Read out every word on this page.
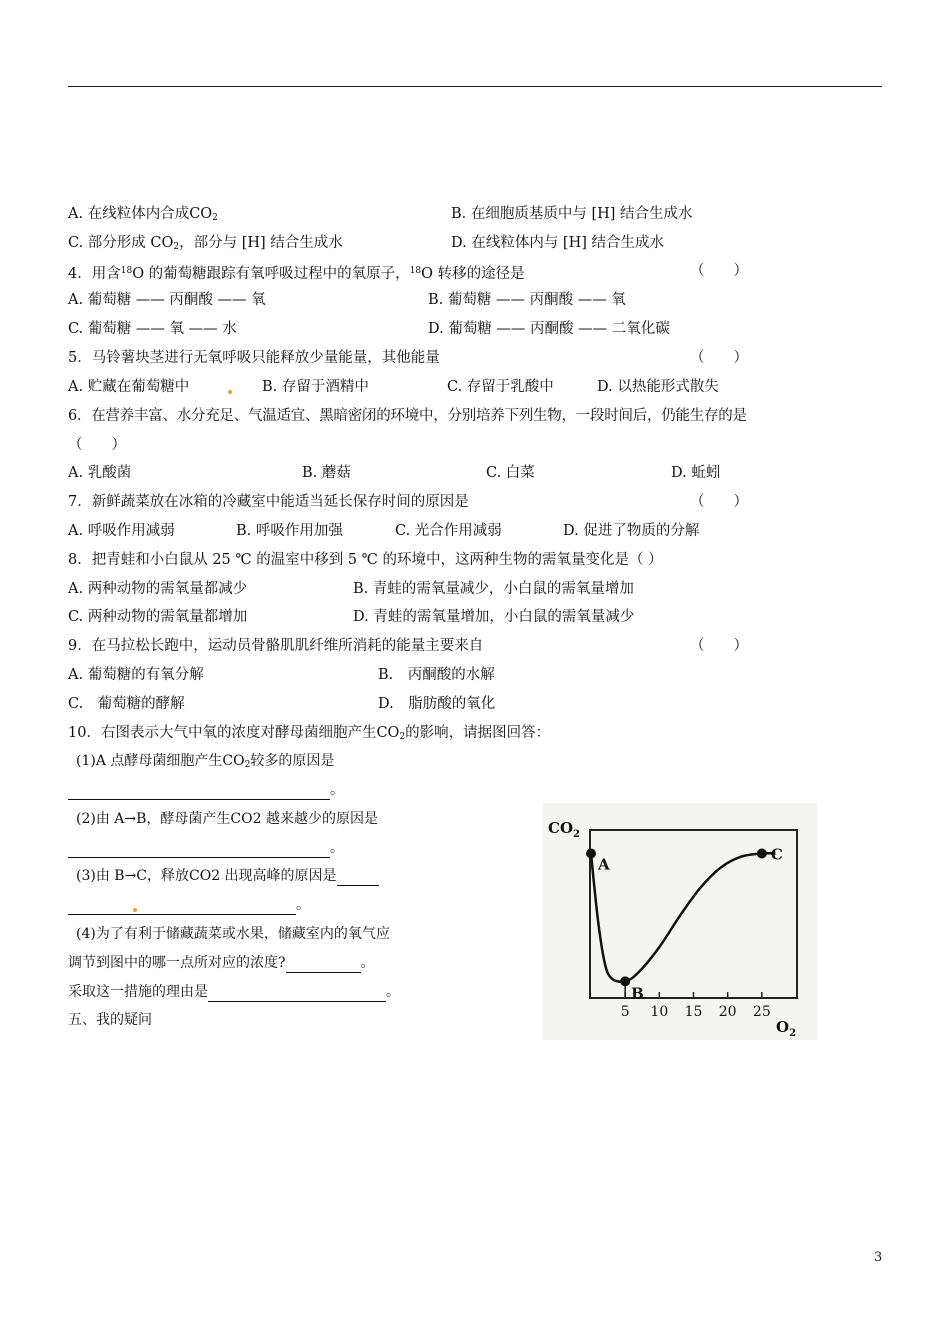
A. 在线粒体内合成$CO_2$	B. 在细胞质基质中与 [H] 结合生成水
C. 部分形成 $CO_2$，部分与 [H] 结合生成水	D. 在线粒体内与 [H] 结合生成水
4．用含$^{18}$O 的葡萄糖跟踪有氧呼吸过程中的氧原子，$^{18}$O 转移的途径是	（　　）
A. 葡萄糖 —— 丙酮酸 —— 氧	B. 葡萄糖 —— 丙酮酸 —— 氧
C. 葡萄糖 —— 氧 —— 水	D. 葡萄糖 —— 丙酮酸 —— 二氧化碳
5．马铃薯块茎进行无氧呼吸只能释放少量能量，其他能量	（　　）
A. 贮藏在葡萄糖中	B. 存留于酒精中	C. 存留于乳酸中	D. 以热能形式散失
6．在营养丰富、水分充足、气温适宜、黑暗密闭的环境中，分别培养下列生物，一段时间后，仍能生存的是
（　　）
A. 乳酸菌	B. 蘑菇	C. 白菜	D. 蚯蚓
7．新鲜蔬菜放在冰箱的冷藏室中能适当延长保存时间的原因是	（　　）
A. 呼吸作用减弱	B. 呼吸作用加强	C. 光合作用减弱	D. 促进了物质的分解
8．把青蛙和小白鼠从 25 ℃ 的温室中移到 5 ℃ 的环境中，这两种生物的需氧量变化是（ ）
A. 两种动物的需氧量都减少	B. 青蛙的需氧量减少，小白鼠的需氧量增加
C. 两种动物的需氧量都增加	D. 青蛙的需氧量增加，小白鼠的需氧量减少
9．在马拉松长跑中，运动员骨骼肌肌纤维所消耗的能量主要来自	（　　）
A. 葡萄糖的有氧分解	B.　丙酮酸的水解
C.　葡萄糖的酵解	D.　脂肪酸的氧化
10．右图表示大气中氧的浓度对酵母菌细胞产生$CO_2$的影响，请据图回答：
(1)A 点酵母菌细胞产生$CO_2$较多的原因是
。
(2)由 A→B，酵母菌产生CO2 越来越少的原因是
。
(3)由 B→C，释放CO2 出现高峰的原因是
。
(4)为了有利于储藏蔬菜或水果，储藏室内的氧气应
调节到图中的哪一点所对应的浓度?	。
采取这一措施的理由是	。
五、我的疑问
$CO_2$
$O_2$
5 10 15 20 25
A
B
C
3
